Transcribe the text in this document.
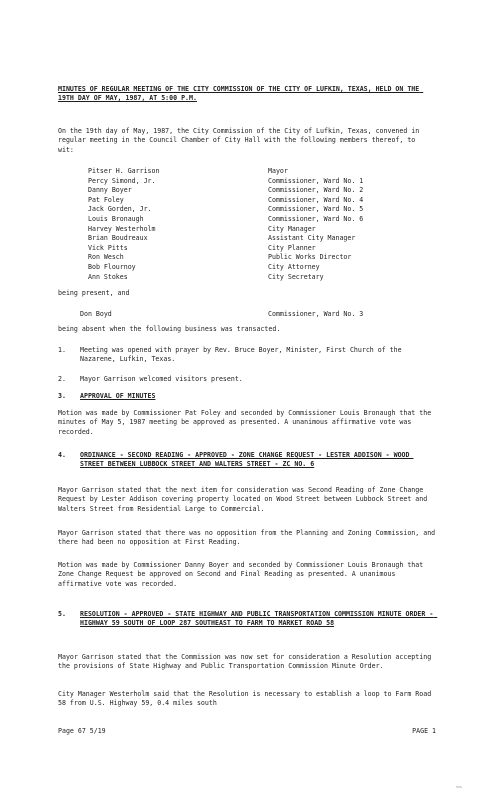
MINUTES OF REGULAR MEETING OF THE CITY COMMISSION OF THE CITY OF LUFKIN, TEXAS, HELD ON THE 19TH DAY OF MAY, 1987, AT 5:00 P.M.

On the 19th day of May, 1987, the City Commission of the City of Lufkin, Texas, convened in regular meeting in the Council Chamber of City Hall with the following members thereof, to wit:

Pitser H. Garrison	Mayor
Percy Simond, Jr.	Commissioner, Ward No. 1
Danny Boyer	Commissioner, Ward No. 2
Pat Foley	Commissioner, Ward No. 4
Jack Gorden, Jr.	Commissioner, Ward No. 5
Louis Bronaugh	Commissioner, Ward No. 6
Harvey Westerholm	City Manager
Brian Boudreaux	Assistant City Manager
Vick Pitts	City Planner
Ron Wesch	Public Works Director
Bob Flournoy	City Attorney
Ann Stokes	City Secretary

being present, and

Don Boyd	Commissioner, Ward No. 3

being absent when the following business was transacted.

1.	Meeting was opened with prayer by Rev. Bruce Boyer, Minister, First Church of the Nazarene, Lufkin, Texas.
2.	Mayor Garrison welcomed visitors present.
3.	APPROVAL OF MINUTES

Motion was made by Commissioner Pat Foley and seconded by Commissioner Louis Bronaugh that the minutes of May 5, 1987 meeting be approved as presented. A unanimous affirmative vote was recorded.

4.	ORDINANCE - SECOND READING - APPROVED - ZONE CHANGE REQUEST - LESTER ADDISON - WOOD STREET BETWEEN LUBBOCK STREET AND WALTERS STREET - ZC NO. 6

Mayor Garrison stated that the next item for consideration was Second Reading of Zone Change Request by Lester Addison covering property located on Wood Street between Lubbock Street and Walters Street from Residential Large to Commercial.

Mayor Garrison stated that there was no opposition from the Planning and Zoning Commission, and there had been no opposition at First Reading.

Motion was made by Commissioner Danny Boyer and seconded by Commissioner Louis Bronaugh that Zone Change Request be approved on Second and Final Reading as presented. A unanimous affirmative vote was recorded.

5.	RESOLUTION - APPROVED - STATE HIGHWAY AND PUBLIC TRANSPORTATION COMMISSION MINUTE ORDER - HIGHWAY 59 SOUTH OF LOOP 287 SOUTHEAST TO FARM TO MARKET ROAD 58

Mayor Garrison stated that the Commission was now set for consideration a Resolution accepting the provisions of State Highway and Public Transportation Commission Minute Order.

City Manager Westerholm said that the Resolution is necessary to establish a loop to Farm Road 58 from U.S. Highway 59, 0.4 miles south

Page 67 5/19	PAGE 1
~~
